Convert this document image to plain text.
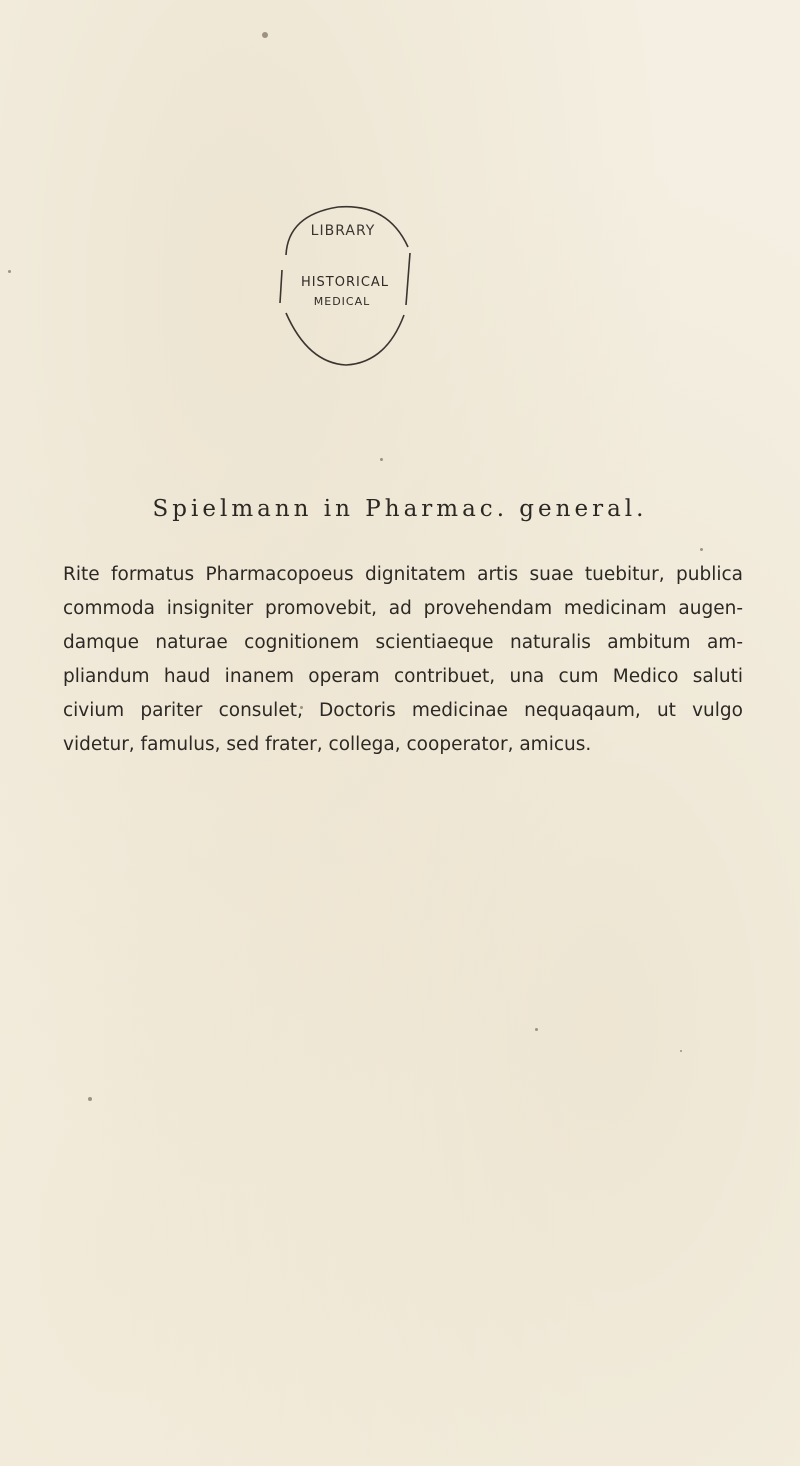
LIBRARY
HISTORICAL
MEDICAL
Spielmann in Pharmac. general.
Rite formatus Pharmacopoeus dignitatem artis suae tuebitur, publica
commoda insigniter promovebit, ad provehendam medicinam augen-
damque naturae cognitionem scientiaeque naturalis ambitum am-
pliandum haud inanem operam contribuet, una cum Medico saluti
civium pariter consulet, Doctoris medicinae nequaqaum, ut vulgo
videtur, famulus, sed frater, collega, cooperator, amicus.
